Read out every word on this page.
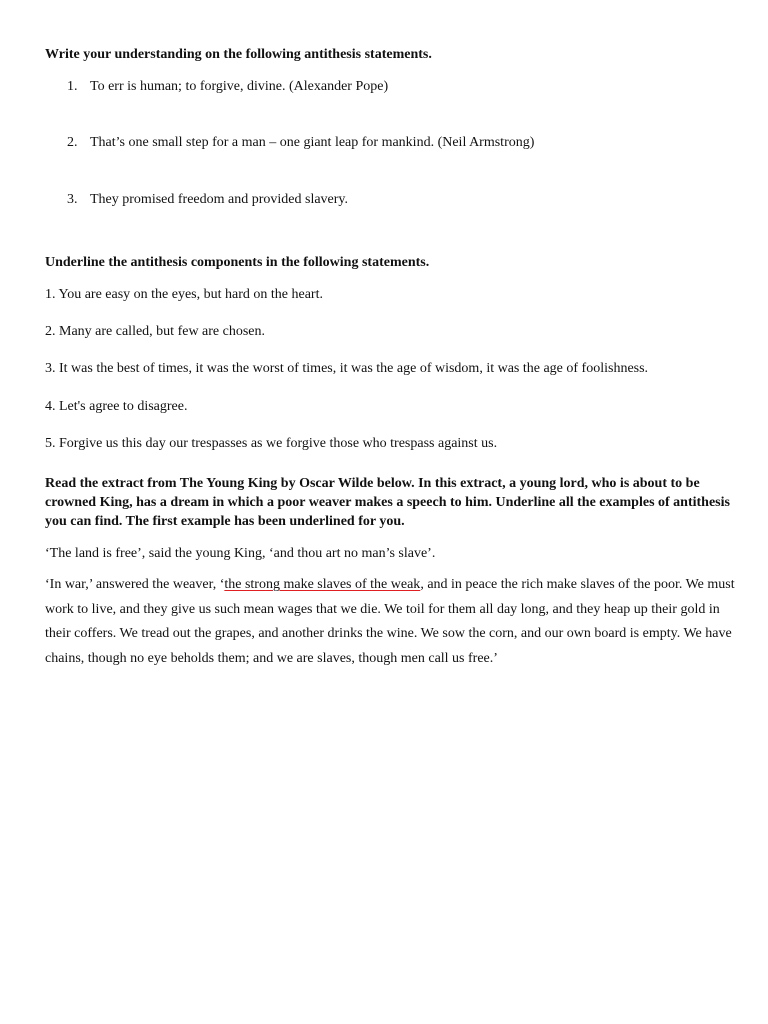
Write your understanding on the following antithesis statements.

1. To err is human; to forgive, divine. (Alexander Pope)
2. That’s one small step for a man – one giant leap for mankind. (Neil Armstrong)
3. They promised freedom and provided slavery.

Underline the antithesis components in the following statements.

1. You are easy on the eyes, but hard on the heart.
2. Many are called, but few are chosen.
3. It was the best of times, it was the worst of times, it was the age of wisdom, it was the age of foolishness.
4. Let's agree to disagree.
5. Forgive us this day our trespasses as we forgive those who trespass against us.
Read the extract from The Young King by Oscar Wilde below. In this extract, a young lord, who is about to be crowned King, has a dream in which a poor weaver makes a speech to him. Underline all the examples of antithesis you can find. The first example has been underlined for you.
‘The land is free’, said the young King, ‘and thou art no man’s slave’.
‘In war,’ answered the weaver, ‘the strong make slaves of the weak, and in peace the rich make slaves of the poor. We must work to live, and they give us such mean wages that we die. We toil for them all day long, and they heap up their gold in their coffers. We tread out the grapes, and another drinks the wine. We sow the corn, and our own board is empty. We have chains, though no eye beholds them; and we are slaves, though men call us free.’
